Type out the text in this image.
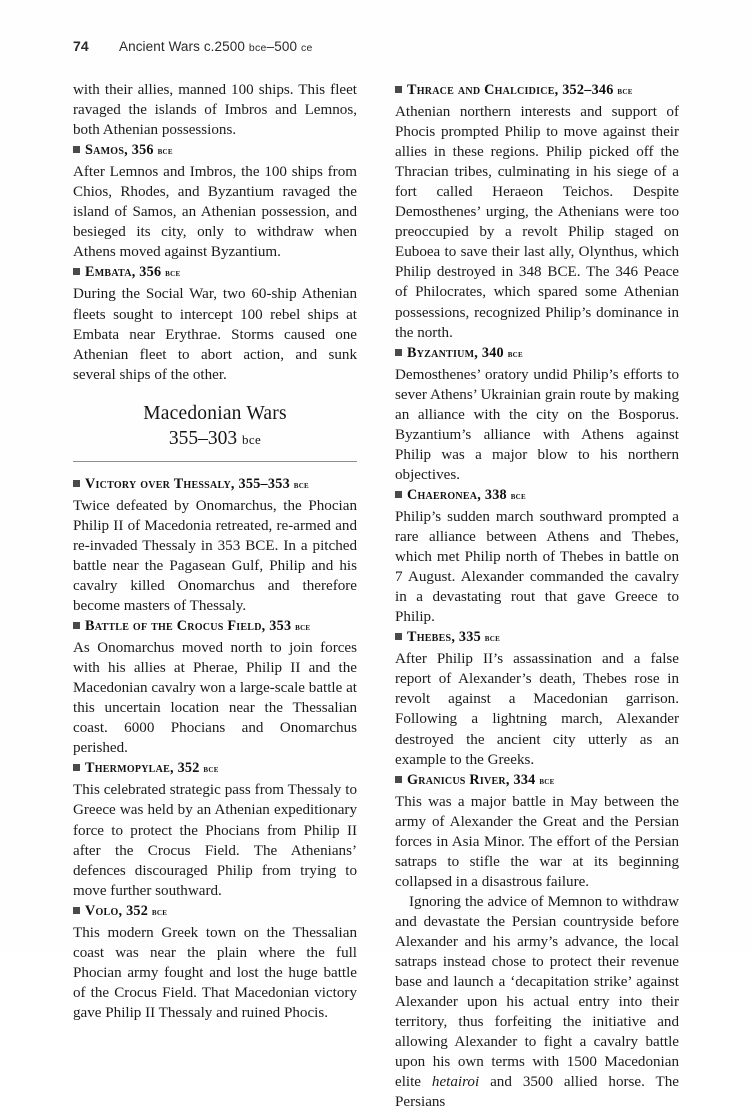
74	Ancient Wars c.2500 bce–500 ce

with their allies, manned 100 ships. This fleet ravaged the islands of Imbros and Lemnos, both Athenian possessions.

Samos, 356 bce

After Lemnos and Imbros, the 100 ships from Chios, Rhodes, and Byzantium ravaged the island of Samos, an Athenian possession, and besieged its city, only to withdraw when Athens moved against Byzantium.

Embata, 356 bce

During the Social War, two 60-ship Athenian fleets sought to intercept 100 rebel ships at Embata near Erythrae. Storms caused one Athenian fleet to abort action, and sunk several ships of the other.

Macedonian Wars

355–303 bce

Victory over Thessaly, 355–353 bce

Twice defeated by Onomarchus, the Phocian Philip II of Macedonia retreated, re-armed and re-invaded Thessaly in 353 BCE. In a pitched battle near the Pagasean Gulf, Philip and his cavalry killed Onomarchus and therefore become masters of Thessaly.

Battle of the Crocus Field, 353 bce

As Onomarchus moved north to join forces with his allies at Pherae, Philip II and the Macedonian cavalry won a large-scale battle at this uncertain location near the Thessalian coast. 6000 Phocians and Onomarchus perished.

Thermopylae, 352 bce

This celebrated strategic pass from Thessaly to Greece was held by an Athenian expeditionary force to protect the Phocians from Philip II after the Crocus Field. The Athenians’ defences discouraged Philip from trying to move further southward.

Volo, 352 bce

This modern Greek town on the Thessalian coast was near the plain where the full Phocian army fought and lost the huge battle of the Crocus Field. That Macedonian victory gave Philip II Thessaly and ruined Phocis.

Thrace and Chalcidice, 352–346 bce

Athenian northern interests and support of Phocis prompted Philip to move against their allies in these regions. Philip picked off the Thracian tribes, culminating in his siege of a fort called Heraeon Teichos. Despite Demosthenes’ urging, the Athenians were too preoccupied by a revolt Philip staged on Euboea to save their last ally, Olynthus, which Philip destroyed in 348 BCE. The 346 Peace of Philocrates, which spared some Athenian possessions, recognized Philip’s dominance in the north.

Byzantium, 340 bce

Demosthenes’ oratory undid Philip’s efforts to sever Athens’ Ukrainian grain route by making an alliance with the city on the Bosporus. Byzantium’s alliance with Athens against Philip was a major blow to his northern objectives.

Chaeronea, 338 bce

Philip’s sudden march southward prompted a rare alliance between Athens and Thebes, which met Philip north of Thebes in battle on 7 August. Alexander commanded the cavalry in a devastating rout that gave Greece to Philip.

Thebes, 335 bce

After Philip II’s assassination and a false report of Alexander’s death, Thebes rose in revolt against a Macedonian garrison. Following a lightning march, Alexander destroyed the ancient city utterly as an example to the Greeks.

Granicus River, 334 bce

This was a major battle in May between the army of Alexander the Great and the Persian forces in Asia Minor. The effort of the Persian satraps to stifle the war at its beginning collapsed in a disastrous failure.

Ignoring the advice of Memnon to withdraw and devastate the Persian countryside before Alexander and his army’s advance, the local satraps instead chose to protect their revenue base and launch a ‘decapitation strike’ against Alexander upon his actual entry into their territory, thus forfeiting the initiative and allowing Alexander to fight a cavalry battle upon his own terms with 1500 Macedonian elite hetairoi and 3500 allied horse. The Persians
